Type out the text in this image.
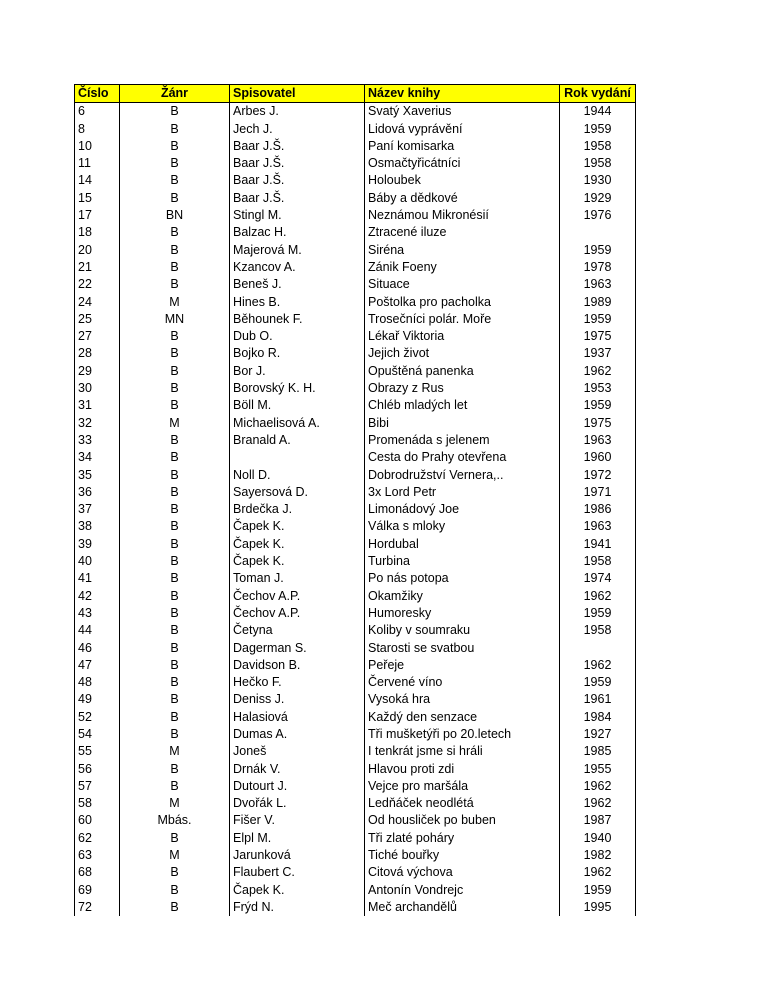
Číslo	Žánr	Spisovatel	Název knihy	Rok vydání
6	B	Arbes J.	Svatý Xaverius	1944
8	B	Jech J.	Lidová vyprávění	1959
10	B	Baar J.Š.	Paní komisarka	1958
11	B	Baar J.Š.	Osmačtyřicátníci	1958
14	B	Baar J.Š.	Holoubek	1930
15	B	Baar J.Š.	Báby a dědkové	1929
17	BN	Stingl M.	Neznámou Mikronésií	1976
18	B	Balzac H.	Ztracené iluze	
20	B	Majerová M.	Siréna	1959
21	B	Kzancov A.	Zánik Foeny	1978
22	B	Beneš J.	Situace	1963
24	M	Hines B.	Poštolka pro pacholka	1989
25	MN	Běhounek F.	Trosečníci polár. Moře	1959
27	B	Dub O.	Lékař Viktoria	1975
28	B	Bojko R.	Jejich život	1937
29	B	Bor J.	Opuštěná panenka	1962
30	B	Borovský K. H.	Obrazy z Rus	1953
31	B	Böll M.	Chléb mladých let	1959
32	M	Michaelisová A.	Bibi	1975
33	B	Branald A.	Promenáda s jelenem	1963
34	B		Cesta do Prahy otevřena	1960
35	B	Noll D.	Dobrodružství Vernera,..	1972
36	B	Sayersová D.	3x Lord Petr	1971
37	B	Brdečka J.	Limonádový Joe	1986
38	B	Čapek K.	Válka s mloky	1963
39	B	Čapek K.	Hordubal	1941
40	B	Čapek K.	Turbina	1958
41	B	Toman J.	Po nás potopa	1974
42	B	Čechov A.P.	Okamžiky	1962
43	B	Čechov A.P.	Humoresky	1959
44	B	Četyna	Koliby v soumraku	1958
46	B	Dagerman S.	Starosti se svatbou	
47	B	Davidson B.	Peřeje	1962
48	B	Hečko F.	Červené víno	1959
49	B	Deniss J.	Vysoká hra	1961
52	B	Halasiová	Každý den senzace	1984
54	B	Dumas A.	Tři mušketýři po 20.letech	1927
55	M	Joneš	I tenkrát jsme si hráli	1985
56	B	Drnák V.	Hlavou proti zdi	1955
57	B	Dutourt J.	Vejce pro maršála	1962
58	M	Dvořák L.	Ledňáček neodlétá	1962
60	Mbás.	Fišer V.	Od housliček po buben	1987
62	B	Elpl M.	Tři zlaté poháry	1940
63	M	Jarunková	Tiché bouřky	1982
68	B	Flaubert C.	Citová výchova	1962
69	B	Čapek K.	Antonín Vondrejc	1959
72	B	Frýd N.	Meč archandělů	1995
